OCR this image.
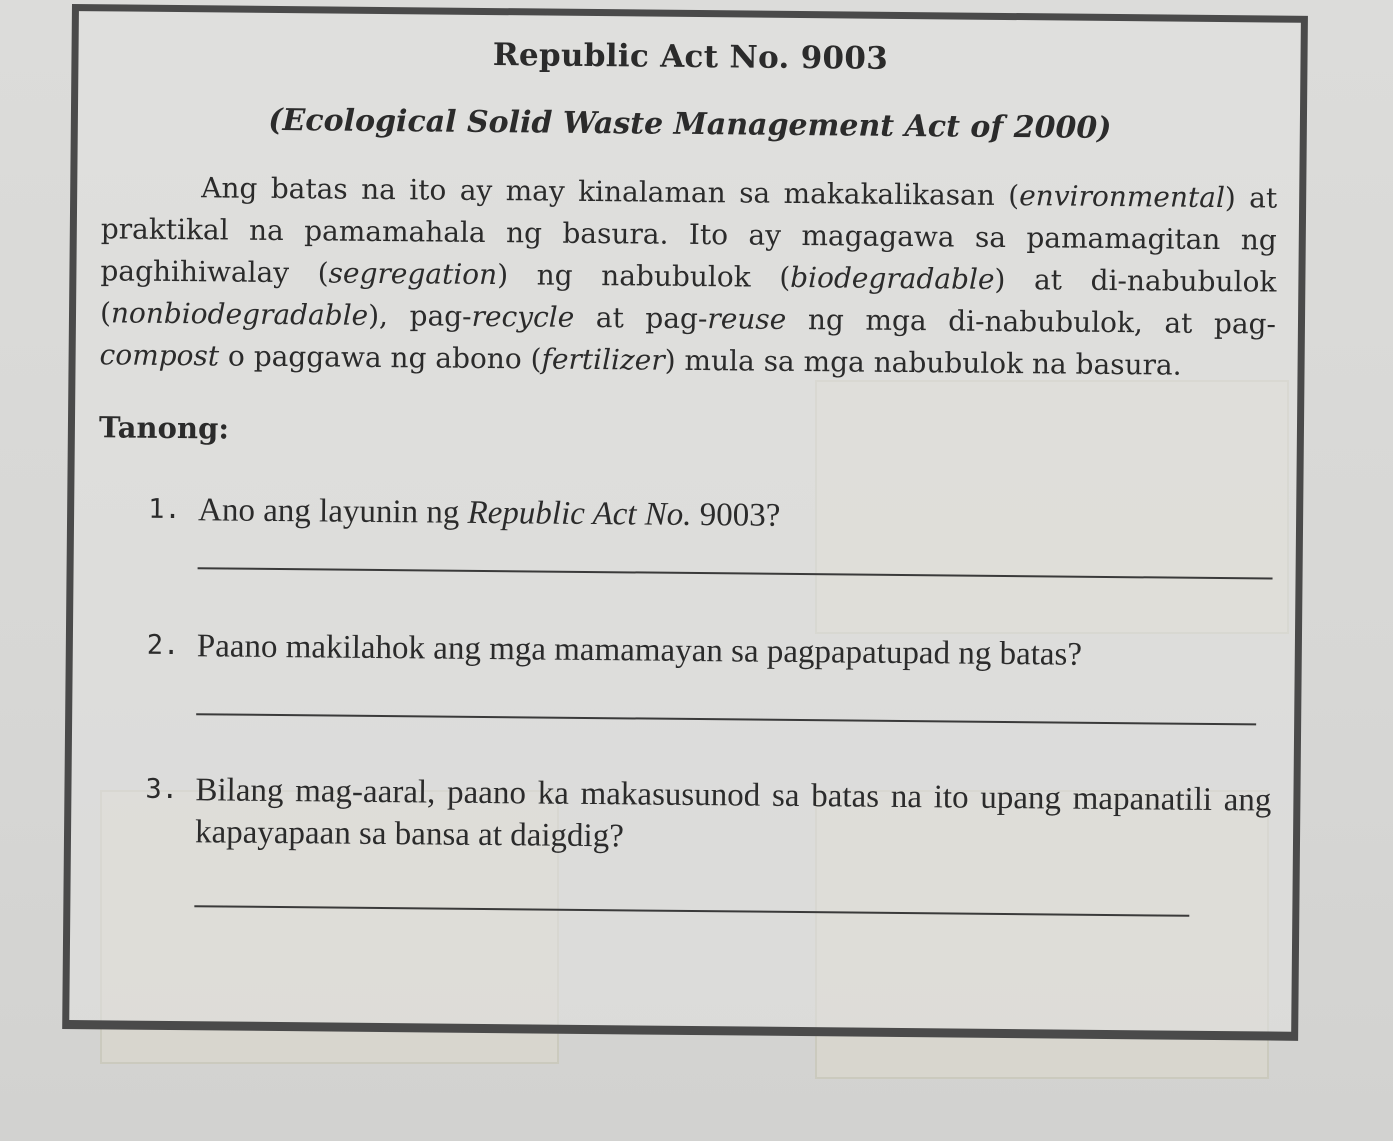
Republic Act No. 9003
(Ecological Solid Waste Management Act of 2000)

Ang batas na ito ay may kinalaman sa makakalikasan (environmental) at praktikal na pamamahala ng basura. Ito ay magagawa sa pamamagitan ng paghihiwalay (segregation) ng nabubulok (biodegradable) at di-nabubulok (nonbiodegradable), pag-recycle at pag-reuse ng mga di-nabubulok, at pag-compost o paggawa ng abono (fertilizer) mula sa mga nabubulok na basura.

Tanong:
1. Ano ang layunin ng Republic Act No. 9003?
2. Paano makilahok ang mga mamamayan sa pagpapatupad ng batas?
3. Bilang mag-aaral, paano ka makasusunod sa batas na ito upang mapanatili ang kapayapaan sa bansa at daigdig?
